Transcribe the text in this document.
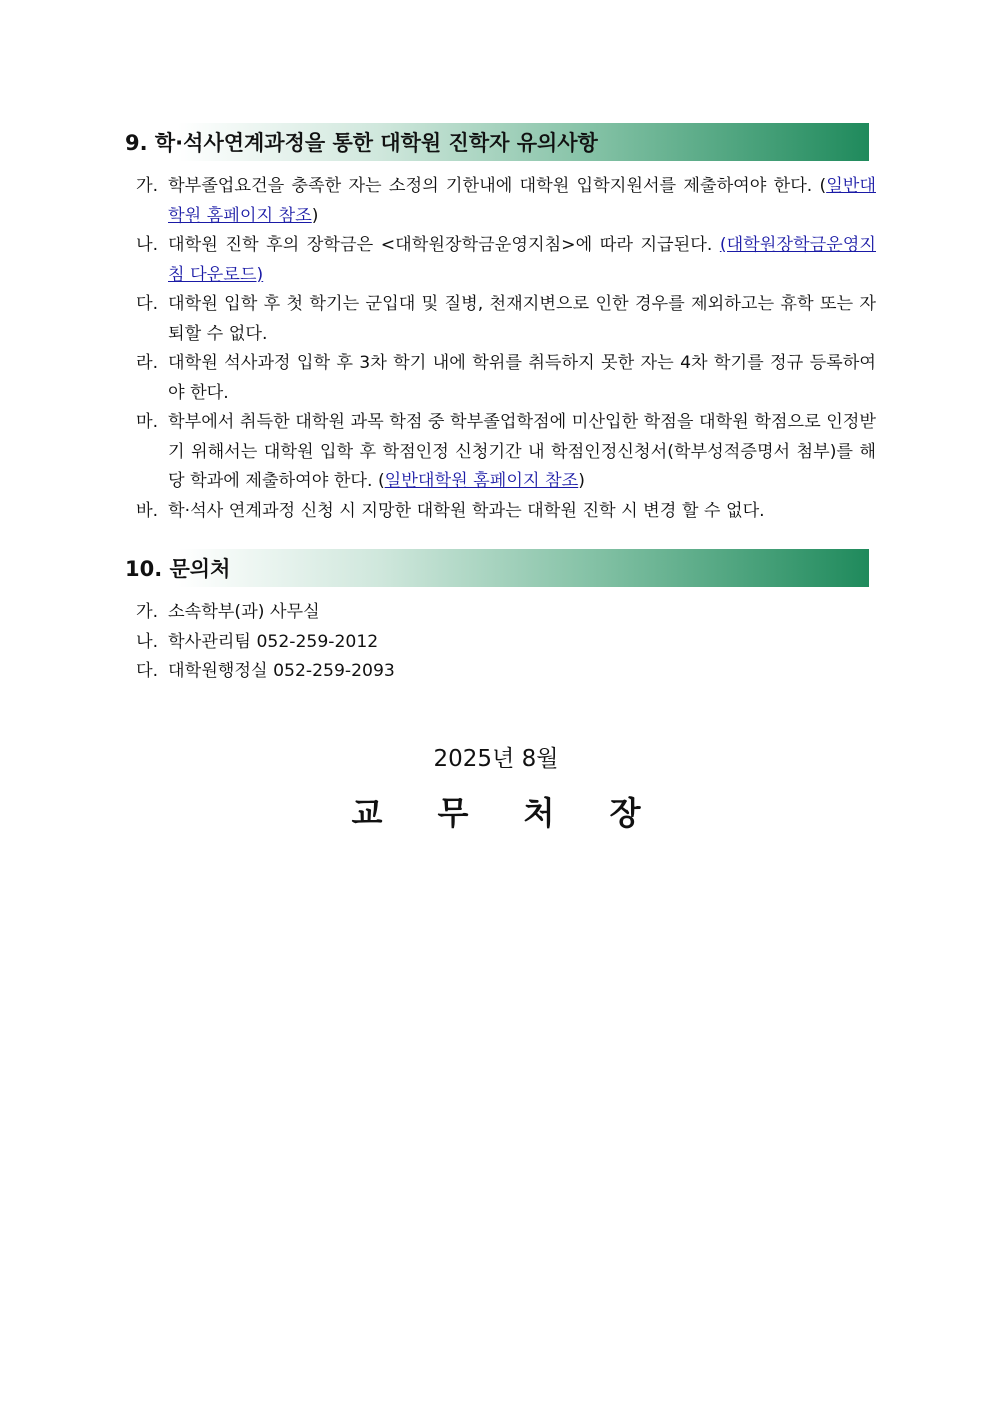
9. 학·석사연계과정을 통한 대학원 진학자 유의사항
가. 학부졸업요건을 충족한 자는 소정의 기한내에 대학원 입학지원서를 제출하여야 한다. (일반대학원 홈페이지 참조)
나. 대학원 진학 후의 장학금은 <대학원장학금운영지침>에 따라 지급된다. (대학원장학금운영지침 다운로드)
다. 대학원 입학 후 첫 학기는 군입대 및 질병, 천재지변으로 인한 경우를 제외하고는 휴학 또는 자퇴할 수 없다.
라. 대학원 석사과정 입학 후 3차 학기 내에 학위를 취득하지 못한 자는 4차 학기를 정규 등록하여야 한다.
마. 학부에서 취득한 대학원 과목 학점 중 학부졸업학점에 미산입한 학점을 대학원 학점으로 인정받기 위해서는 대학원 입학 후 학점인정 신청기간 내 학점인정신청서(학부성적증명서 첨부)를 해당 학과에 제출하여야 한다. (일반대학원 홈페이지 참조)
바. 학·석사 연계과정 신청 시 지망한 대학원 학과는 대학원 진학 시 변경 할 수 없다.
10. 문의처
가. 소속학부(과) 사무실
나. 학사관리팀 052-259-2012
다. 대학원행정실 052-259-2093
2025년 8월
교 무 처 장
